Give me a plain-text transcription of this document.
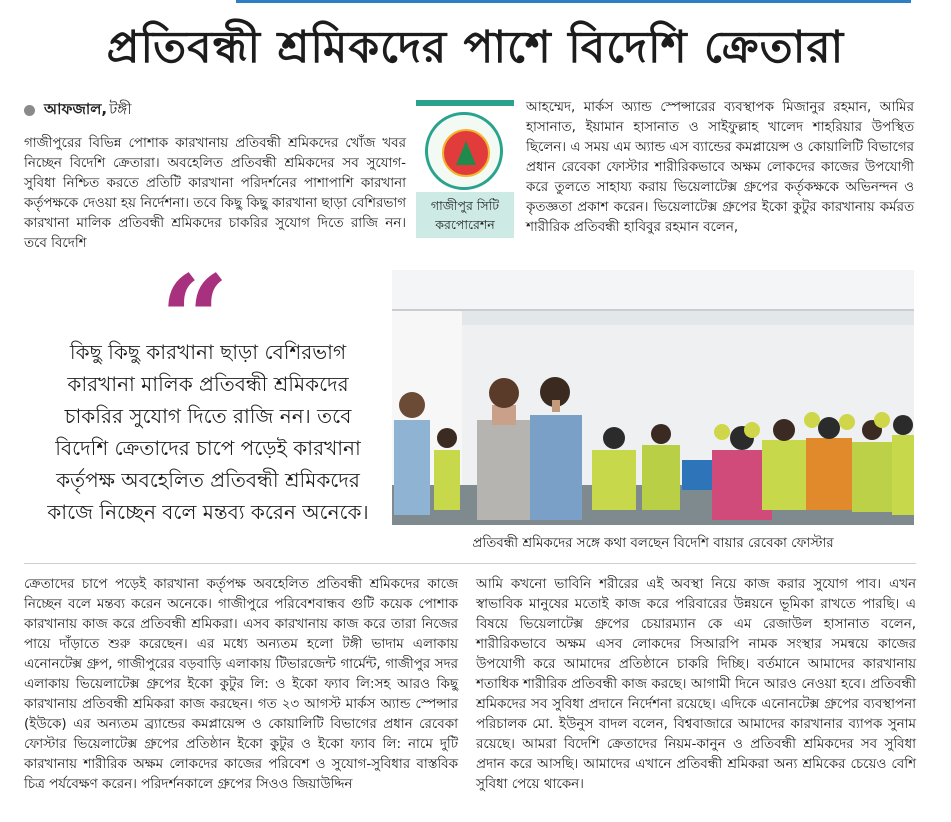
প্রতিবন্ধী শ্রমিকদের পাশে বিদেশি ক্রেতারা
আফজাল, টঙ্গী
গাজীপুরের বিভিন্ন পোশাক কারখানায় প্রতিবন্ধী শ্রমিকদের খোঁজ খবর নিচ্ছেন বিদেশি ক্রেতারা। অবহেলিত প্রতিবন্ধী শ্রমিকদের সব সুযোগ-সুবিধা নিশ্চিত করতে প্রতিটি কারখানা পরিদর্শনের পাশাপাশি কারখানা কর্তৃপক্ষকে দেওয়া হয় নির্দেশনা। তবে কিছু কিছু কারখানা ছাড়া বেশিরভাগ কারখানা মালিক প্রতিবন্ধী শ্রমিকদের চাকরির সুযোগ দিতে রাজি নন। তবে বিদেশি
গাজীপুর সিটি
করপোরেশন
আহম্মেদ, মার্কস অ্যান্ড স্পেন্সারের ব্যবস্থাপক মিজানুর রহমান, আমির হাসানাত, ইয়ামান হাসানাত ও সাইফুল্লাহ খালেদ শাহরিয়ার উপস্থিত ছিলেন। এ সময় এম অ্যান্ড এস ব্যান্ডের কমপ্লায়েন্স ও কোয়ালিটি বিভাগের প্রধান রেবেকা ফোস্টার শারীরিকভাবে অক্ষম লোকদের কাজের উপযোগী করে তুলতে সাহায্য করায় ভিয়েলাটেক্স গ্রুপের কর্তৃকক্ষকে অভিনন্দন ও কৃতজ্ঞতা প্রকাশ করেন। ভিয়েলাটেক্স গ্রুপের ইকো কুটুর কারখানায় কর্মরত শারীরিক প্রতিবন্ধী হাবিবুর রহমান বলেন,
“
কিছু কিছু কারখানা ছাড়া বেশিরভাগ কারখানা মালিক প্রতিবন্ধী শ্রমিকদের চাকরির সুযোগ দিতে রাজি নন। তবে বিদেশি ক্রেতাদের চাপে পড়েই কারখানা কর্তৃপক্ষ অবহেলিত প্রতিবন্ধী শ্রমিকদের কাজে নিচ্ছেন বলে মন্তব্য করেন অনেকে।
প্রতিবন্ধী শ্রমিকদের সঙ্গে কথা বলছেন বিদেশি বায়ার রেবেকা ফোস্টার
ক্রেতাদের চাপে পড়েই কারখানা কর্তৃপক্ষ অবহেলিত প্রতিবন্ধী শ্রমিকদের কাজে নিচ্ছেন বলে মন্তব্য করেন অনেকে। গাজীপুরে পরিবেশবান্ধব গুটি কয়েক পোশাক কারখানায় কাজ করে প্রতিবন্ধী শ্রমিকরা। এসব কারখানায় কাজ করে তারা নিজের পায়ে দাঁড়াতে শুরু করেছেন। এর মধ্যে অন্যতম হলো টঙ্গী ভাদাম এলাকায় এনোনটেক্স গ্রুপ, গাজীপুরের বড়বাড়ি এলাকায় টিভারজেন্ট গার্মেন্ট, গাজীপুর সদর এলাকায় ভিয়েলাটেক্স গ্রুপের ইকো কুটুর লি: ও ইকো ফ্যাব লি:সহ আরও কিছু কারখানায় প্রতিবন্ধী শ্রমিকরা কাজ করছেন। গত ২৩ আগস্ট মার্কস অ্যান্ড স্পেন্সার (ইউকে) এর অন্যতম ব্র্যান্ডের কমপ্লায়েন্স ও কোয়ালিটি বিভাগের প্রধান রেবেকা ফোস্টার ভিয়েলাটেক্স গ্রুপের প্রতিষ্ঠান ইকো কুটুর ও ইকো ফ্যাব লি: নামে দুটি কারখানায় শারীরিক অক্ষম লোকদের কাজের পরিবেশ ও সুযোগ-সুবিধার বাস্তবিক চিত্র পর্যবেক্ষণ করেন। পরিদর্শনকালে গ্রুপের সিওও জিয়াউদ্দিন
আমি কখনো ভাবিনি শরীরের এই অবস্থা নিয়ে কাজ করার সুযোগ পাব। এখন স্বাভাবিক মানুষের মতোই কাজ করে পরিবারের উন্নয়নে ভূমিকা রাখতে পারছি। এ বিষয়ে ভিয়েলাটেক্স গ্রুপের চেয়ারম্যান কে এম রেজাউল হাসানাত বলেন, শারীরিকভাবে অক্ষম এসব লোকদের সিআরপি নামক সংস্থার সমন্বয়ে কাজের উপযোগী করে আমাদের প্রতিষ্ঠানে চাকরি দিচ্ছি। বর্তমানে আমাদের কারখানায় শতাধিক শারীরিক প্রতিবন্ধী কাজ করছে। আগামী দিনে আরও নেওয়া হবে। প্রতিবন্ধী শ্রমিকদের সব সুবিধা প্রদানে নির্দেশনা রয়েছে। এদিকে এনোনটেক্স গ্রুপের ব্যবস্থাপনা পরিচালক মো. ইউনুস বাদল বলেন, বিশ্ববাজারে আমাদের কারখানার ব্যাপক সুনাম রয়েছে। আমরা বিদেশি ক্রেতাদের নিয়ম-কানুন ও প্রতিবন্ধী শ্রমিকদের সব সুবিধা প্রদান করে আসছি। আমাদের এখানে প্রতিবন্ধী শ্রমিকরা অন্য শ্রমিকের চেয়েও বেশি সুবিধা পেয়ে থাকেন।
